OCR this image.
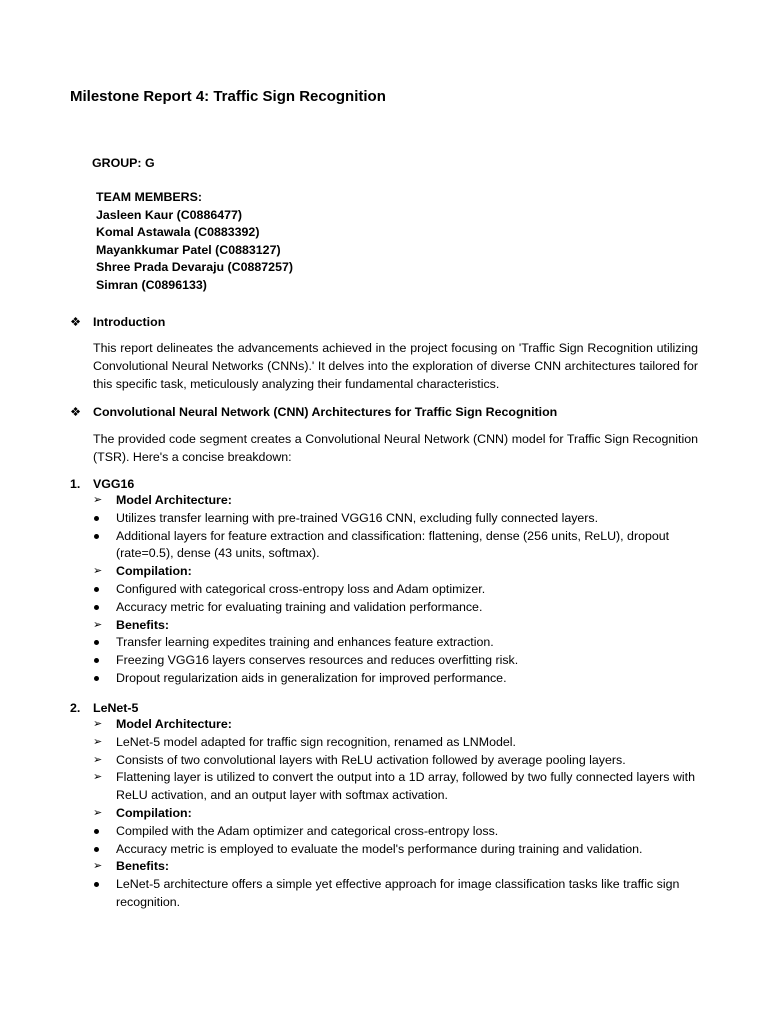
Milestone Report 4: Traffic Sign Recognition
GROUP: G
TEAM MEMBERS:
Jasleen Kaur (C0886477)
Komal Astawala (C0883392)
Mayankkumar Patel (C0883127)
Shree Prada Devaraju (C0887257)
Simran (C0896133)
❖ Introduction
This report delineates the advancements achieved in the project focusing on 'Traffic Sign Recognition utilizing Convolutional Neural Networks (CNNs).' It delves into the exploration of diverse CNN architectures tailored for this specific task, meticulously analyzing their fundamental characteristics.
❖ Convolutional Neural Network (CNN) Architectures for Traffic Sign Recognition
The provided code segment creates a Convolutional Neural Network (CNN) model for Traffic Sign Recognition (TSR). Here's a concise breakdown:
1. VGG16
➢	Model Architecture:
Utilizes transfer learning with pre-trained VGG16 CNN, excluding fully connected layers.
Additional layers for feature extraction and classification: flattening, dense (256 units, ReLU), dropout (rate=0.5), dense (43 units, softmax).
➢	Compilation:
Configured with categorical cross-entropy loss and Adam optimizer.
Accuracy metric for evaluating training and validation performance.
➢	Benefits:
Transfer learning expedites training and enhances feature extraction.
Freezing VGG16 layers conserves resources and reduces overfitting risk.
Dropout regularization aids in generalization for improved performance.
2. LeNet-5
➢	Model Architecture:
➢	LeNet-5 model adapted for traffic sign recognition, renamed as LNModel.
➢	Consists of two convolutional layers with ReLU activation followed by average pooling layers.
➢	Flattening layer is utilized to convert the output into a 1D array, followed by two fully connected layers with ReLU activation, and an output layer with softmax activation.
➢	Compilation:
Compiled with the Adam optimizer and categorical cross-entropy loss.
Accuracy metric is employed to evaluate the model's performance during training and validation.
➢	Benefits:
LeNet-5 architecture offers a simple yet effective approach for image classification tasks like traffic sign recognition.
